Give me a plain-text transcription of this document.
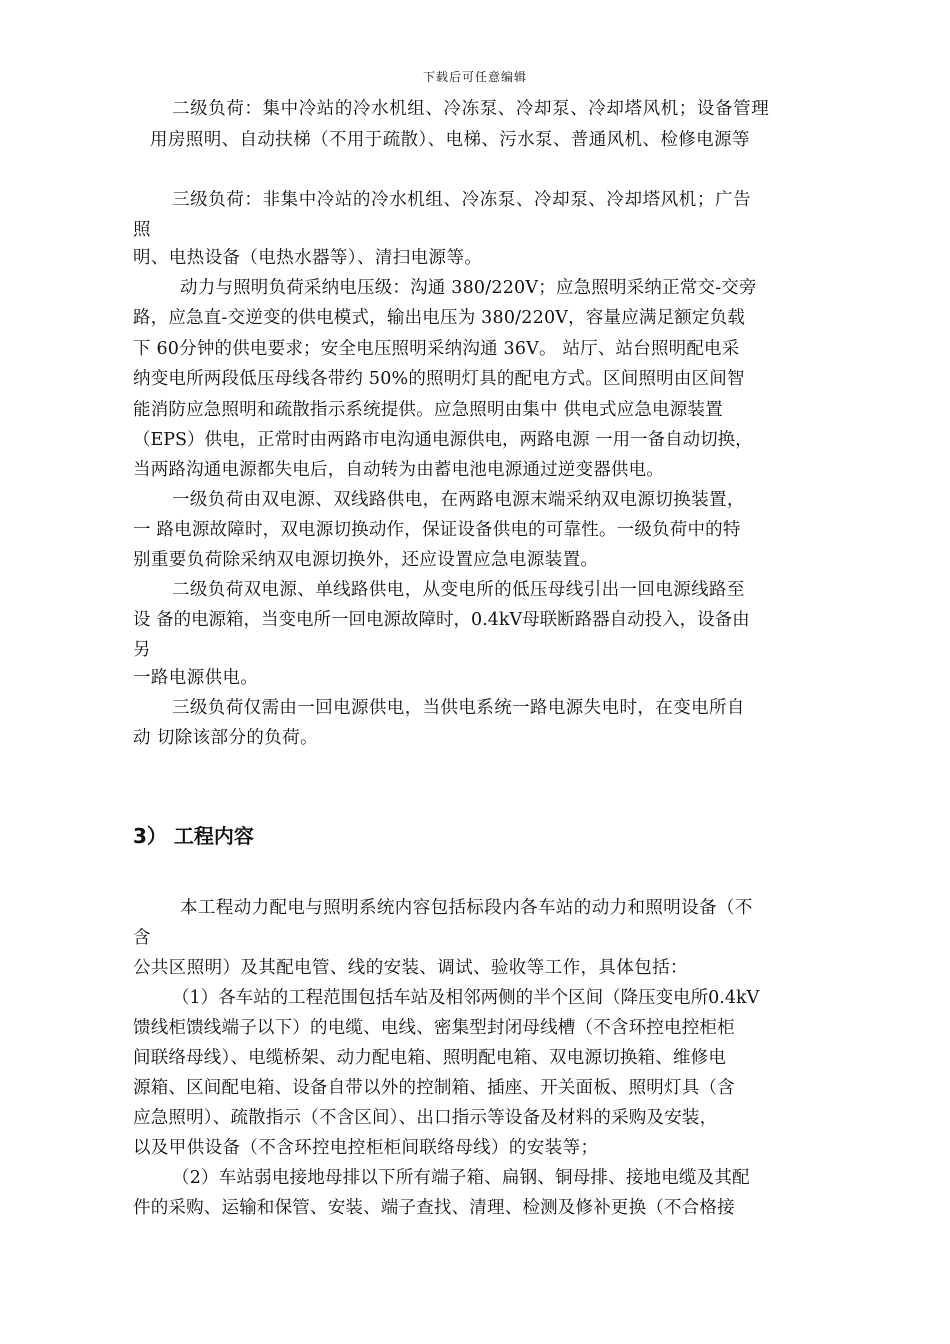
下载后可任意编辑
二级负荷：集中冷站的冷水机组、冷冻泵、冷却泵、冷却塔风机；设备管理
用房照明、自动扶梯（不用于疏散）、电梯、污水泵、普通风机、检修电源等
三级负荷：非集中冷站的冷水机组、冷冻泵、冷却泵、冷却塔风机；广告
照
明、电热设备（电热水器等）、清扫电源等。
动力与照明负荷采纳电压级：沟通 380/220V；应急照明采纳正常交-交旁
路，应急直-交逆变的供电模式，输出电压为 380/220V，容量应满足额定负载
下 60分钟的供电要求；安全电压照明采纳沟通 36V。 站厅、站台照明配电采
纳变电所两段低压母线各带约 50%的照明灯具的配电方式。区间照明由区间智
能消防应急照明和疏散指示系统提供。应急照明由集中 供电式应急电源装置
（EPS）供电，正常时由两路市电沟通电源供电，两路电源 一用一备自动切换，
当两路沟通电源都失电后，自动转为由蓄电池电源通过逆变器供电。
一级负荷由双电源、双线路供电，在两路电源末端采纳双电源切换装置，
一 路电源故障时，双电源切换动作，保证设备供电的可靠性。一级负荷中的特
别重要负荷除采纳双电源切换外，还应设置应急电源装置。
二级负荷双电源、单线路供电，从变电所的低压母线引出一回电源线路至
设 备的电源箱，当变电所一回电源故障时，0.4kV母联断路器自动投入，设备由
另
一路电源供电。
三级负荷仅需由一回电源供电，当供电系统一路电源失电时，在变电所自
动 切除该部分的负荷。
3） 工程内容
本工程动力配电与照明系统内容包括标段内各车站的动力和照明设备（不
含
公共区照明）及其配电管、线的安装、调试、验收等工作，具体包括：
（1）各车站的工程范围包括车站及相邻两侧的半个区间（降压变电所0.4kV
馈线柜馈线端子以下）的电缆、电线、密集型封闭母线槽（不含环控电控柜柜
间联络母线）、电缆桥架、动力配电箱、照明配电箱、双电源切换箱、维修电
源箱、区间配电箱、设备自带以外的控制箱、插座、开关面板、照明灯具（含
应急照明）、疏散指示（不含区间）、出口指示等设备及材料的采购及安装，
以及甲供设备（不含环控电控柜柜间联络母线）的安装等；
（2）车站弱电接地母排以下所有端子箱、扁钢、铜母排、接地电缆及其配
件的采购、运输和保管、安装、端子查找、清理、检测及修补更换（不合格接
